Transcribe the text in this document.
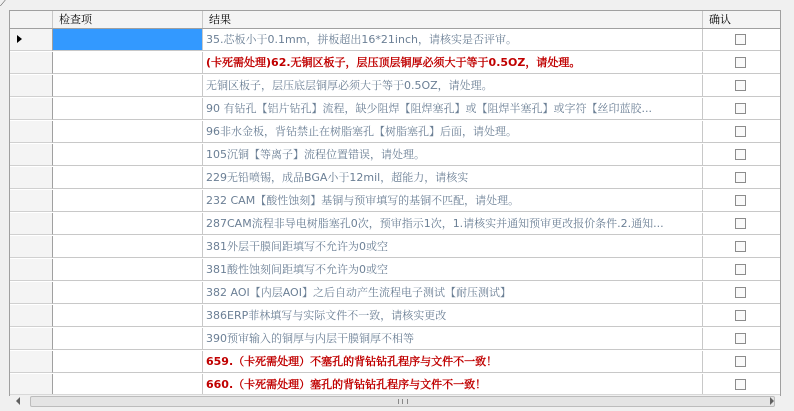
⟋
检查项	结果	确认
35.芯板小于0.1mm，拼板超出16*21inch，请核实是否评审。
(卡死需处理)62.无铜区板子，层压顶层铜厚必须大于等于0.5OZ，请处理。
无铜区板子，层压底层铜厚必须大于等于0.5OZ，请处理。
90 有钻孔【铝片钻孔】流程，缺少阻焊【阻焊塞孔】或【阻焊半塞孔】或字符【丝印蓝胶...
96非水金板，背钻禁止在树脂塞孔【树脂塞孔】后面，请处理。
105沉铜【等离子】流程位置错误，请处理。
229无铅喷锡，成品BGA小于12mil，超能力，请核实
232 CAM【酸性蚀刻】基铜与预审填写的基铜不匹配，请处理。
287CAM流程非导电树脂塞孔0次，预审指示1次，1.请核实并通知预审更改报价条件.2.通知...
381外层干膜间距填写不允许为0或空
381酸性蚀刻间距填写不允许为0或空
382 AOI【内层AOI】之后自动产生流程电子测试【耐压测试】
386ERP菲林填写与实际文件不一致，请核实更改
390预审输入的铜厚与内层干膜铜厚不相等
659.（卡死需处理）不塞孔的背钻钻孔程序与文件不一致！
660.（卡死需处理）塞孔的背钻钻孔程序与文件不一致！
